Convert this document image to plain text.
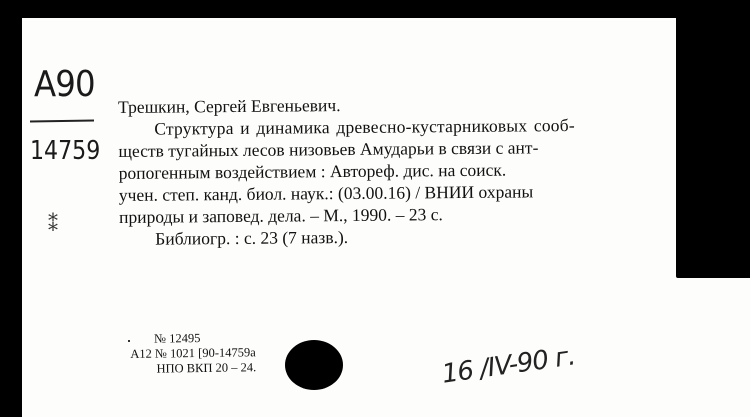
A90
14759
⁑
Трешкин, Сергей Евгеньевич.
Структура и динамика древесно-кустарниковых сооб-
ществ тугайных лесов низовьев Амударьи в связи с ант-
ропогенным воздействием : Автореф. дис. на соиск.
учен. степ. канд. биол. наук.: (03.00.16) / ВНИИ охраны
природы и заповед. дела. – М., 1990. – 23 с.
Библиогр. : с. 23 (7 назв.).
№ 12495
А12 № 1021 [90-14759а
НПО ВКП 20 – 24.	16 /IV-90 г.
